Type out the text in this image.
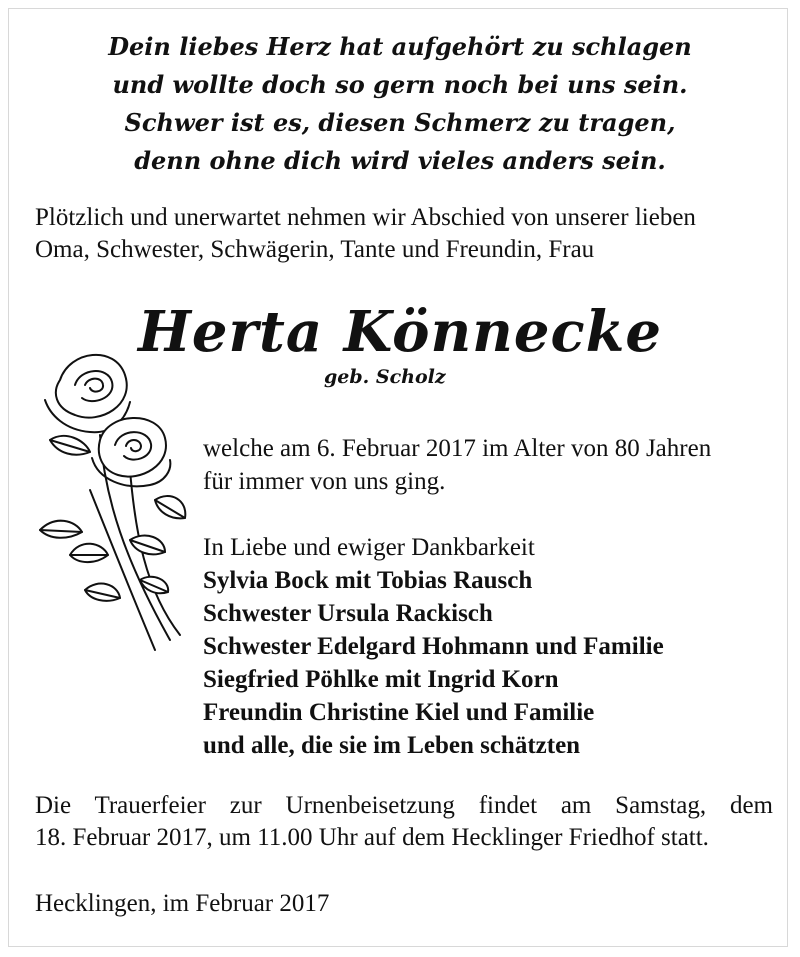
Dein liebes Herz hat aufgehört zu schlagen
und wollte doch so gern noch bei uns sein.
Schwer ist es, diesen Schmerz zu tragen,
denn ohne dich wird vieles anders sein.
Plötzlich und unerwartet nehmen wir Abschied von unserer lieben
Oma, Schwester, Schwägerin, Tante und Freundin, Frau
Herta Könnecke
geb. Scholz
welche am 6. Februar 2017 im Alter von 80 Jahren
für immer von uns ging.
In Liebe und ewiger Dankbarkeit
Sylvia Bock mit Tobias Rausch
Schwester Ursula Rackisch
Schwester Edelgard Hohmann und Familie
Siegfried Pöhlke mit Ingrid Korn
Freundin Christine Kiel und Familie
und alle, die sie im Leben schätzten
Die Trauerfeier zur Urnenbeisetzung findet am Samstag, dem
18. Februar 2017, um 11.00 Uhr auf dem Hecklinger Friedhof statt.
Hecklingen, im Februar 2017
